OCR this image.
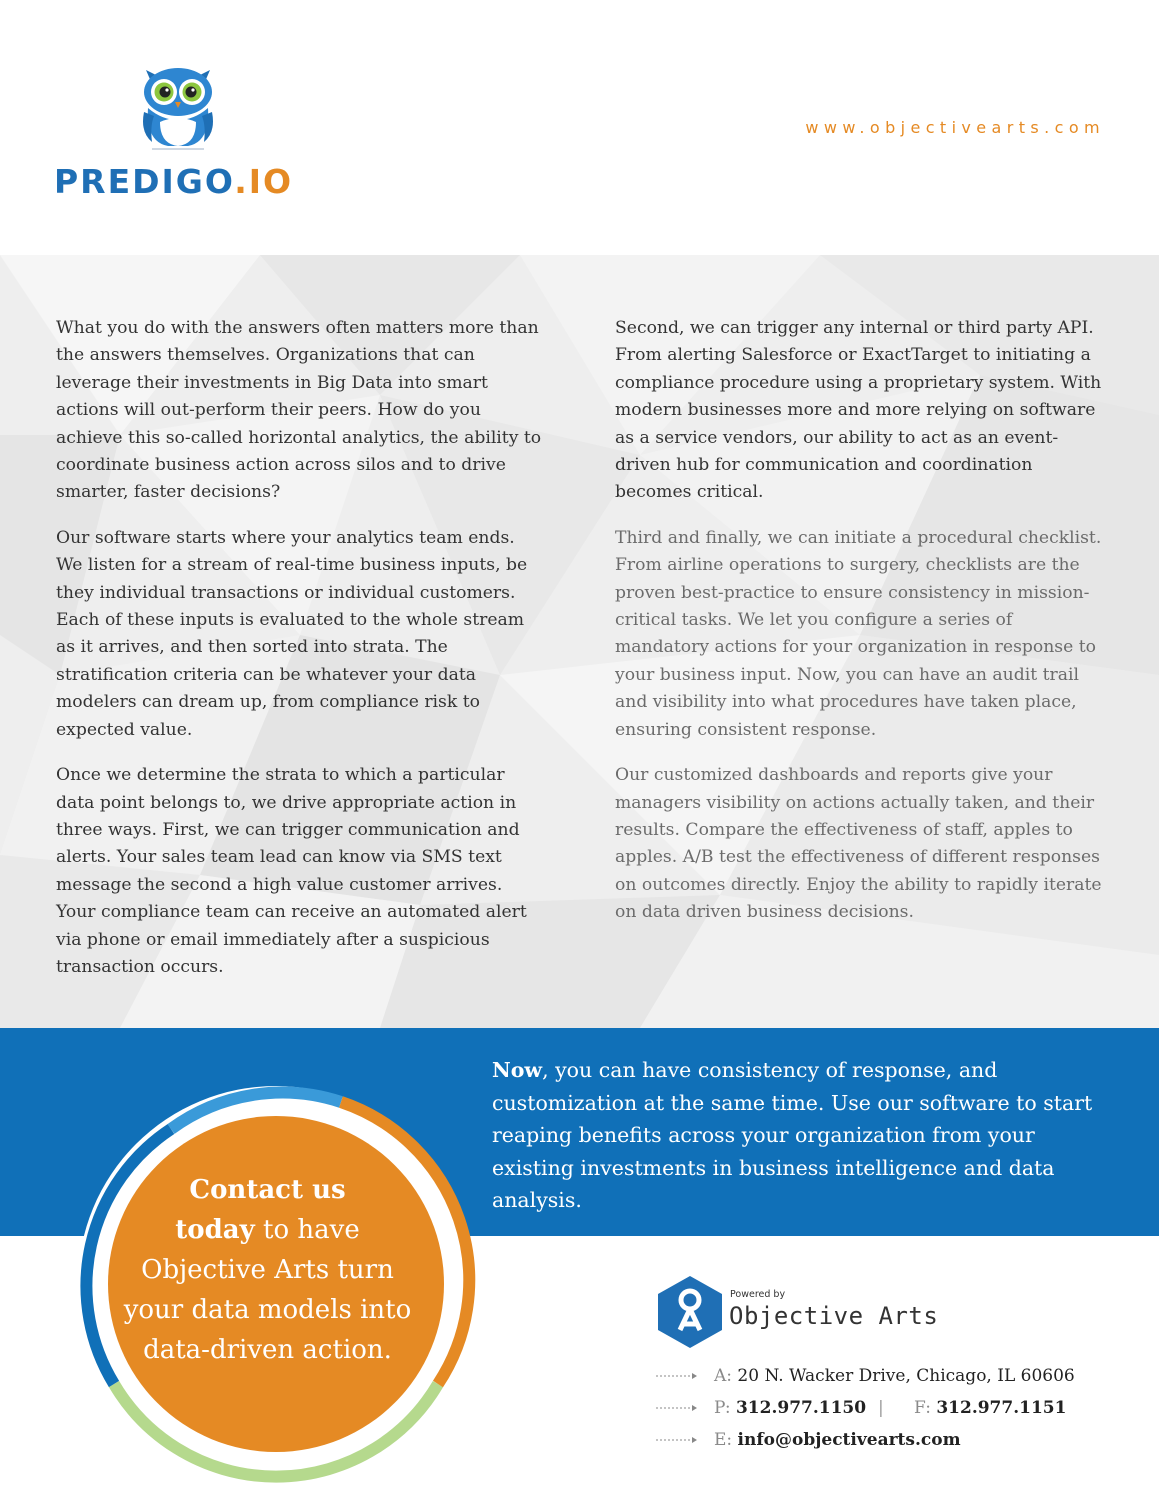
PREDIGO.IO
www.objectivearts.com

What you do with the answers often matters more than the answers themselves. Organizations that can leverage their investments in Big Data into smart actions will out-perform their peers. How do you achieve this so-called horizontal analytics, the ability to coordinate business action across silos and to drive smarter, faster decisions?

Our software starts where your analytics team ends. We listen for a stream of real-time business inputs, be they individual transactions or individual customers. Each of these inputs is evaluated to the whole stream as it arrives, and then sorted into strata. The stratification criteria can be whatever your data modelers can dream up, from compliance risk to expected value.

Once we determine the strata to which a particular data point belongs to, we drive appropriate action in three ways. First, we can trigger communication and alerts. Your sales team lead can know via SMS text message the second a high value customer arrives. Your compliance team can receive an automated alert via phone or email immediately after a suspicious transaction occurs.

Second, we can trigger any internal or third party API. From alerting Salesforce or ExactTarget to initiating a compliance procedure using a proprietary system. With modern businesses more and more relying on software as a service vendors, our ability to act as an event-driven hub for communication and coordination becomes critical.

Third and finally, we can initiate a procedural checklist. From airline operations to surgery, checklists are the proven best-practice to ensure consistency in mission-critical tasks. We let you configure a series of mandatory actions for your organization in response to your business input. Now, you can have an audit trail and visibility into what procedures have taken place, ensuring consistent response.

Our customized dashboards and reports give your managers visibility on actions actually taken, and their results. Compare the effectiveness of staff, apples to apples. A/B test the effectiveness of different responses on outcomes directly. Enjoy the ability to rapidly iterate on data driven business decisions.

Now, you can have consistency of response, and customization at the same time. Use our software to start reaping benefits across your organization from your existing investments in business intelligence and data analysis.
Contact us
today to have
Objective Arts turn your data models into data-driven action.
Powered by
Objective Arts
A: 20 N. Wacker Drive, Chicago, IL 60606
P: 312.977.1150 | F: 312.977.1151
E: info@objectivearts.com
